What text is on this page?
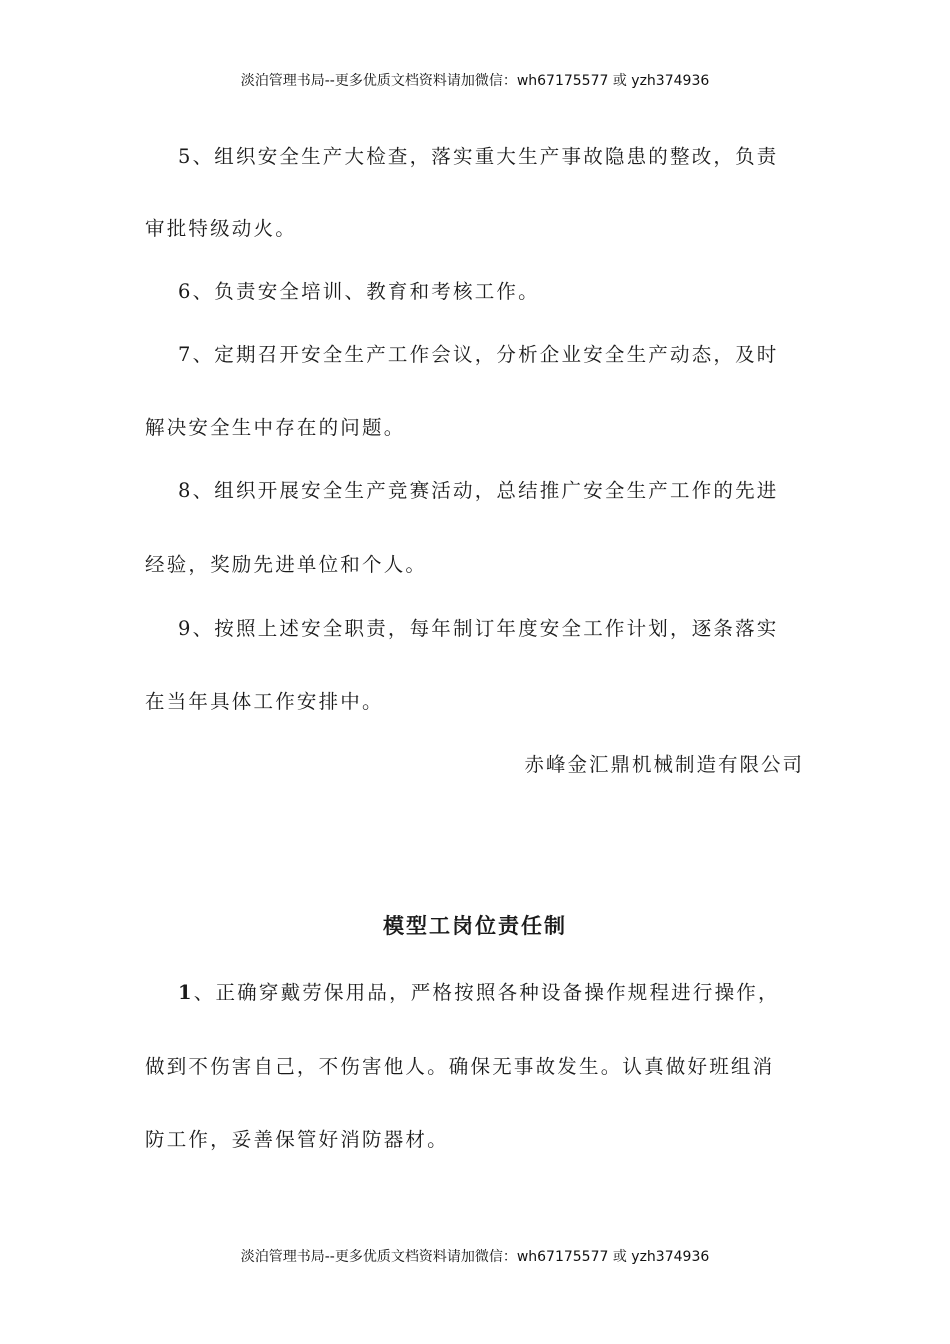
淡泊管理书局--更多优质文档资料请加微信：wh67175577 或 yzh374936
5、组织安全生产大检查，落实重大生产事故隐患的整改，负责
审批特级动火。
6、负责安全培训、教育和考核工作。
7、定期召开安全生产工作会议，分析企业安全生产动态，及时
解决安全生中存在的问题。
8、组织开展安全生产竞赛活动，总结推广安全生产工作的先进
经验，奖励先进单位和个人。
9、按照上述安全职责，每年制订年度安全工作计划，逐条落实
在当年具体工作安排中。
赤峰金汇鼎机械制造有限公司
模型工岗位责任制
1、正确穿戴劳保用品，严格按照各种设备操作规程进行操作，
做到不伤害自己，不伤害他人。确保无事故发生。认真做好班组消
防工作，妥善保管好消防器材。
淡泊管理书局--更多优质文档资料请加微信：wh67175577 或 yzh374936
